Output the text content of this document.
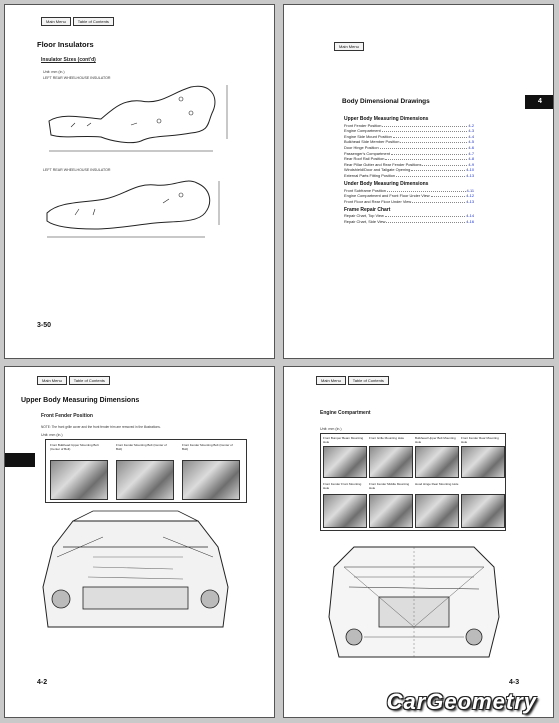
Main Menu	Table of Contents
Floor Insulators
Insulator Sizes (cont'd)
Unit: mm (in.)
LEFT REAR WHEELHOUSE INSULATOR
LEFT REAR WHEELHOUSE INSULATOR
3-50
Main Menu
4
Body Dimensional Drawings
Upper Body Measuring Dimensions
Front Fender Position	4-2
Engine Compartment	4-3
Engine Side Mount Position	4-4
Bulkhead Side Member Position	4-5
Door Hinge Position	4-6
Passenger's Compartment	4-7
Rear Roof Rail Position	4-8
Rear Pillar Gutter and Rear Fender Positions	4-9
Windshield/Door and Tailgate Opening	4-10
External Parts Fitting Position	4-13
Under Body Measuring Dimensions
Front Subframe Position	4-11
Engine Compartment and Front Floor Under View	4-12
Front Floor and Rear Floor Under View	4-13
Frame Repair Chart
Repair Chart, Top View	4-14
Repair Chart, Side View	4-16
Main Menu	Table of Contents
Upper Body Measuring Dimensions
Front Fender Position
NOTE: The front grille cover and the front fender trim are removed in the illustrations.
Unit: mm (in.)
Front Bulkhead Upper Mounting Bolt (Center of Bolt)
Front Fender Mounting Bolt (Center of Bolt)
Front Fender Mounting Bolt (Center of Bolt)
4-2
Main Menu	Table of Contents
Engine Compartment
Unit: mm (in.)
Front Bumper Beam Mounting Hole
Front Grille Mounting Hole	Bulkhead Upper Bolt Mounting Hole
Front Fender Rear Mounting Hole
Front Fender Front Mounting Hole
Front Fender Middle Mounting Hole
Hood Hinge Rear Mounting Hole
4-3
CarGeometry
